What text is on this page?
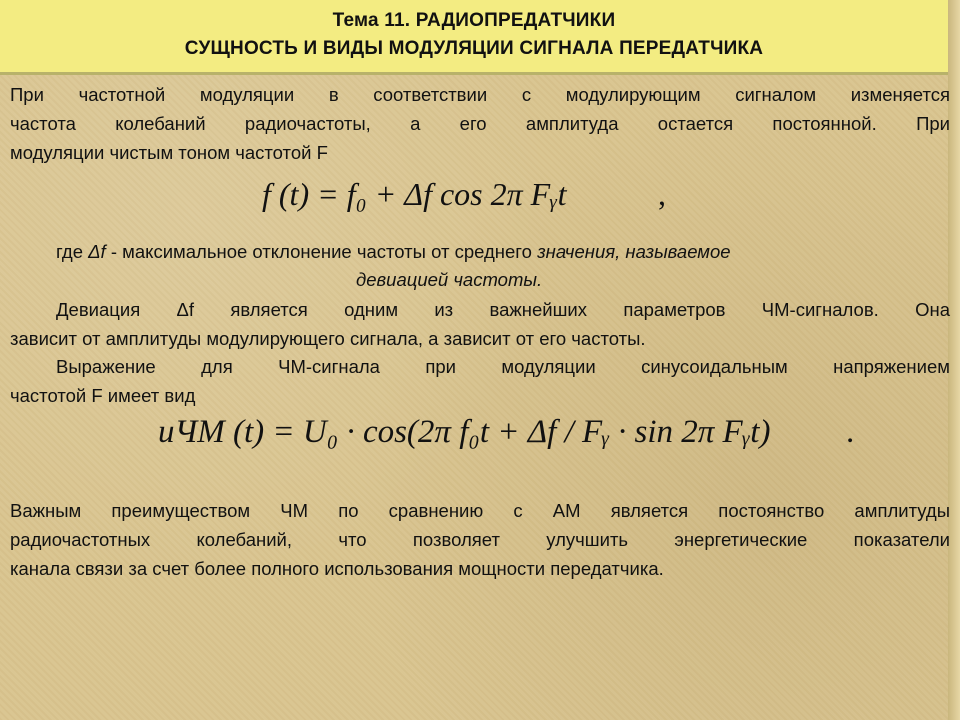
Тема 11. РАДИОПРЕДАТЧИКИ
СУЩНОСТЬ И ВИДЫ МОДУЛЯЦИИ СИГНАЛА ПЕРЕДАТЧИКА
При частотной модуляции в соответствии с модулирующим сигналом изменяется
частота колебаний радиочастоты, а его амплитуда остается постоянной. При
модуляции чистым тоном частотой F
f (t) = f₀ + Δf cos 2π Fᵧt	,
где Δf - максимальное отклонение частоты от среднего значения, называемое
девиацией частоты.
Девиация Δf является одним из важнейших параметров ЧМ-сигналов. Она
зависит от амплитуды модулирующего сигнала, а зависит от его частоты.
Выражение для ЧМ-сигнала при модуляции синусоидальным напряжением
частотой F имеет вид
uЧМ (t) = U₀ · cos(2π f₀t + Δf / Fᵧ · sin 2π Fᵧt) .
Важным преимуществом ЧМ по сравнению с АМ является постоянство амплитуды
радиочастотных колебаний, что позволяет улучшить энергетические показатели
канала связи за счет более полного использования мощности передатчика.
